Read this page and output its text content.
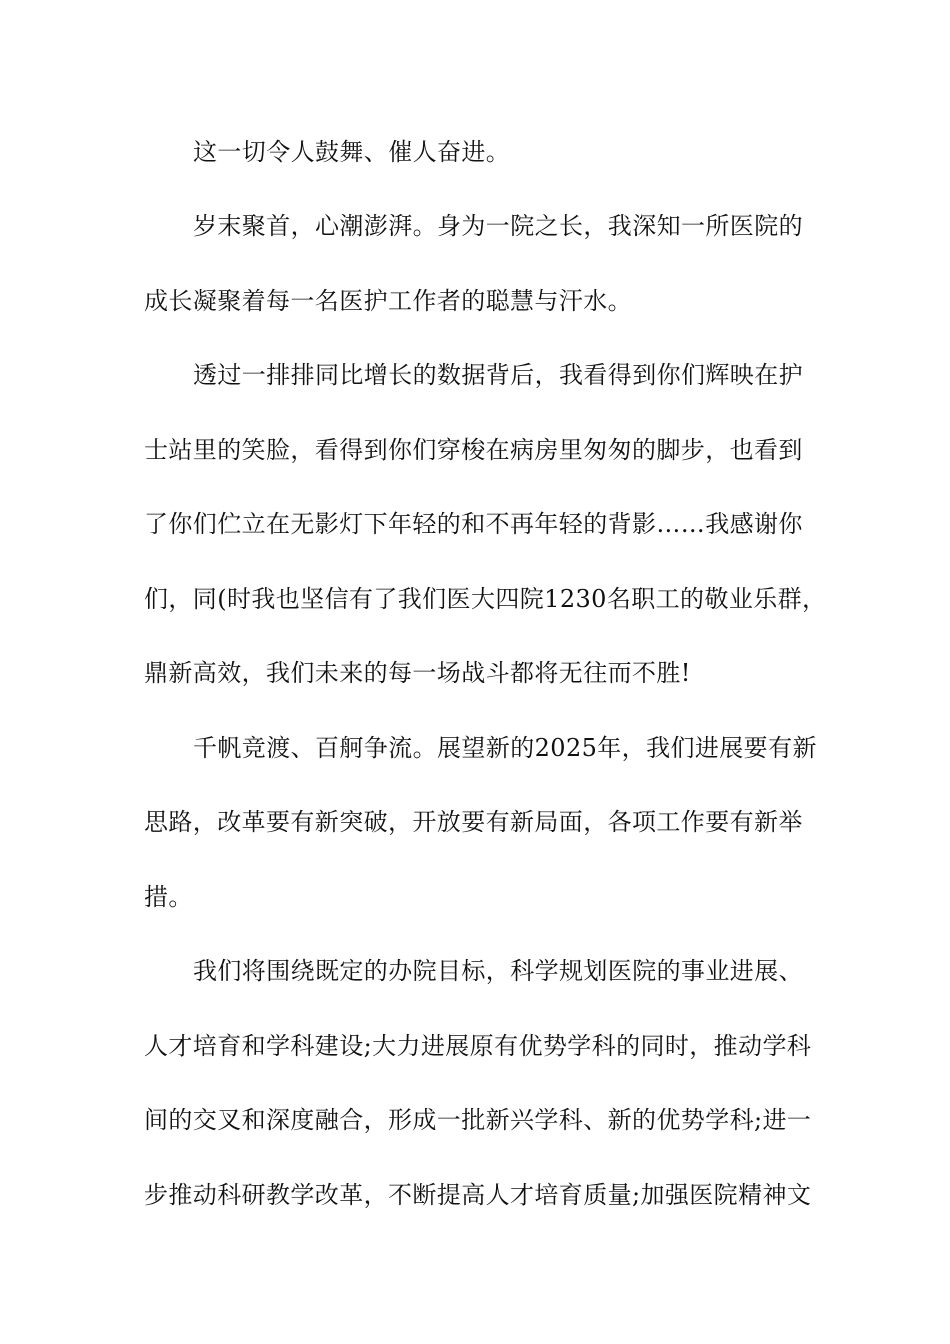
这一切令人鼓舞、催人奋进。
岁末聚首，心潮澎湃。身为一院之长，我深知一所医院的
成长凝聚着每一名医护工作者的聪慧与汗水。
透过一排排同比增长的数据背后，我看得到你们辉映在护
士站里的笑脸，看得到你们穿梭在病房里匆匆的脚步，也看到
了你们伫立在无影灯下年轻的和不再年轻的背影……我感谢你
们，同(时我也坚信有了我们医大四院1230名职工的敬业乐群，
鼎新高效，我们未来的每一场战斗都将无往而不胜!
千帆竞渡、百舸争流。展望新的2025年，我们进展要有新
思路，改革要有新突破，开放要有新局面，各项工作要有新举
措。
我们将围绕既定的办院目标，科学规划医院的事业进展、
人才培育和学科建设;大力进展原有优势学科的同时，推动学科
间的交叉和深度融合，形成一批新兴学科、新的优势学科;进一
步推动科研教学改革，不断提高人才培育质量;加强医院精神文
